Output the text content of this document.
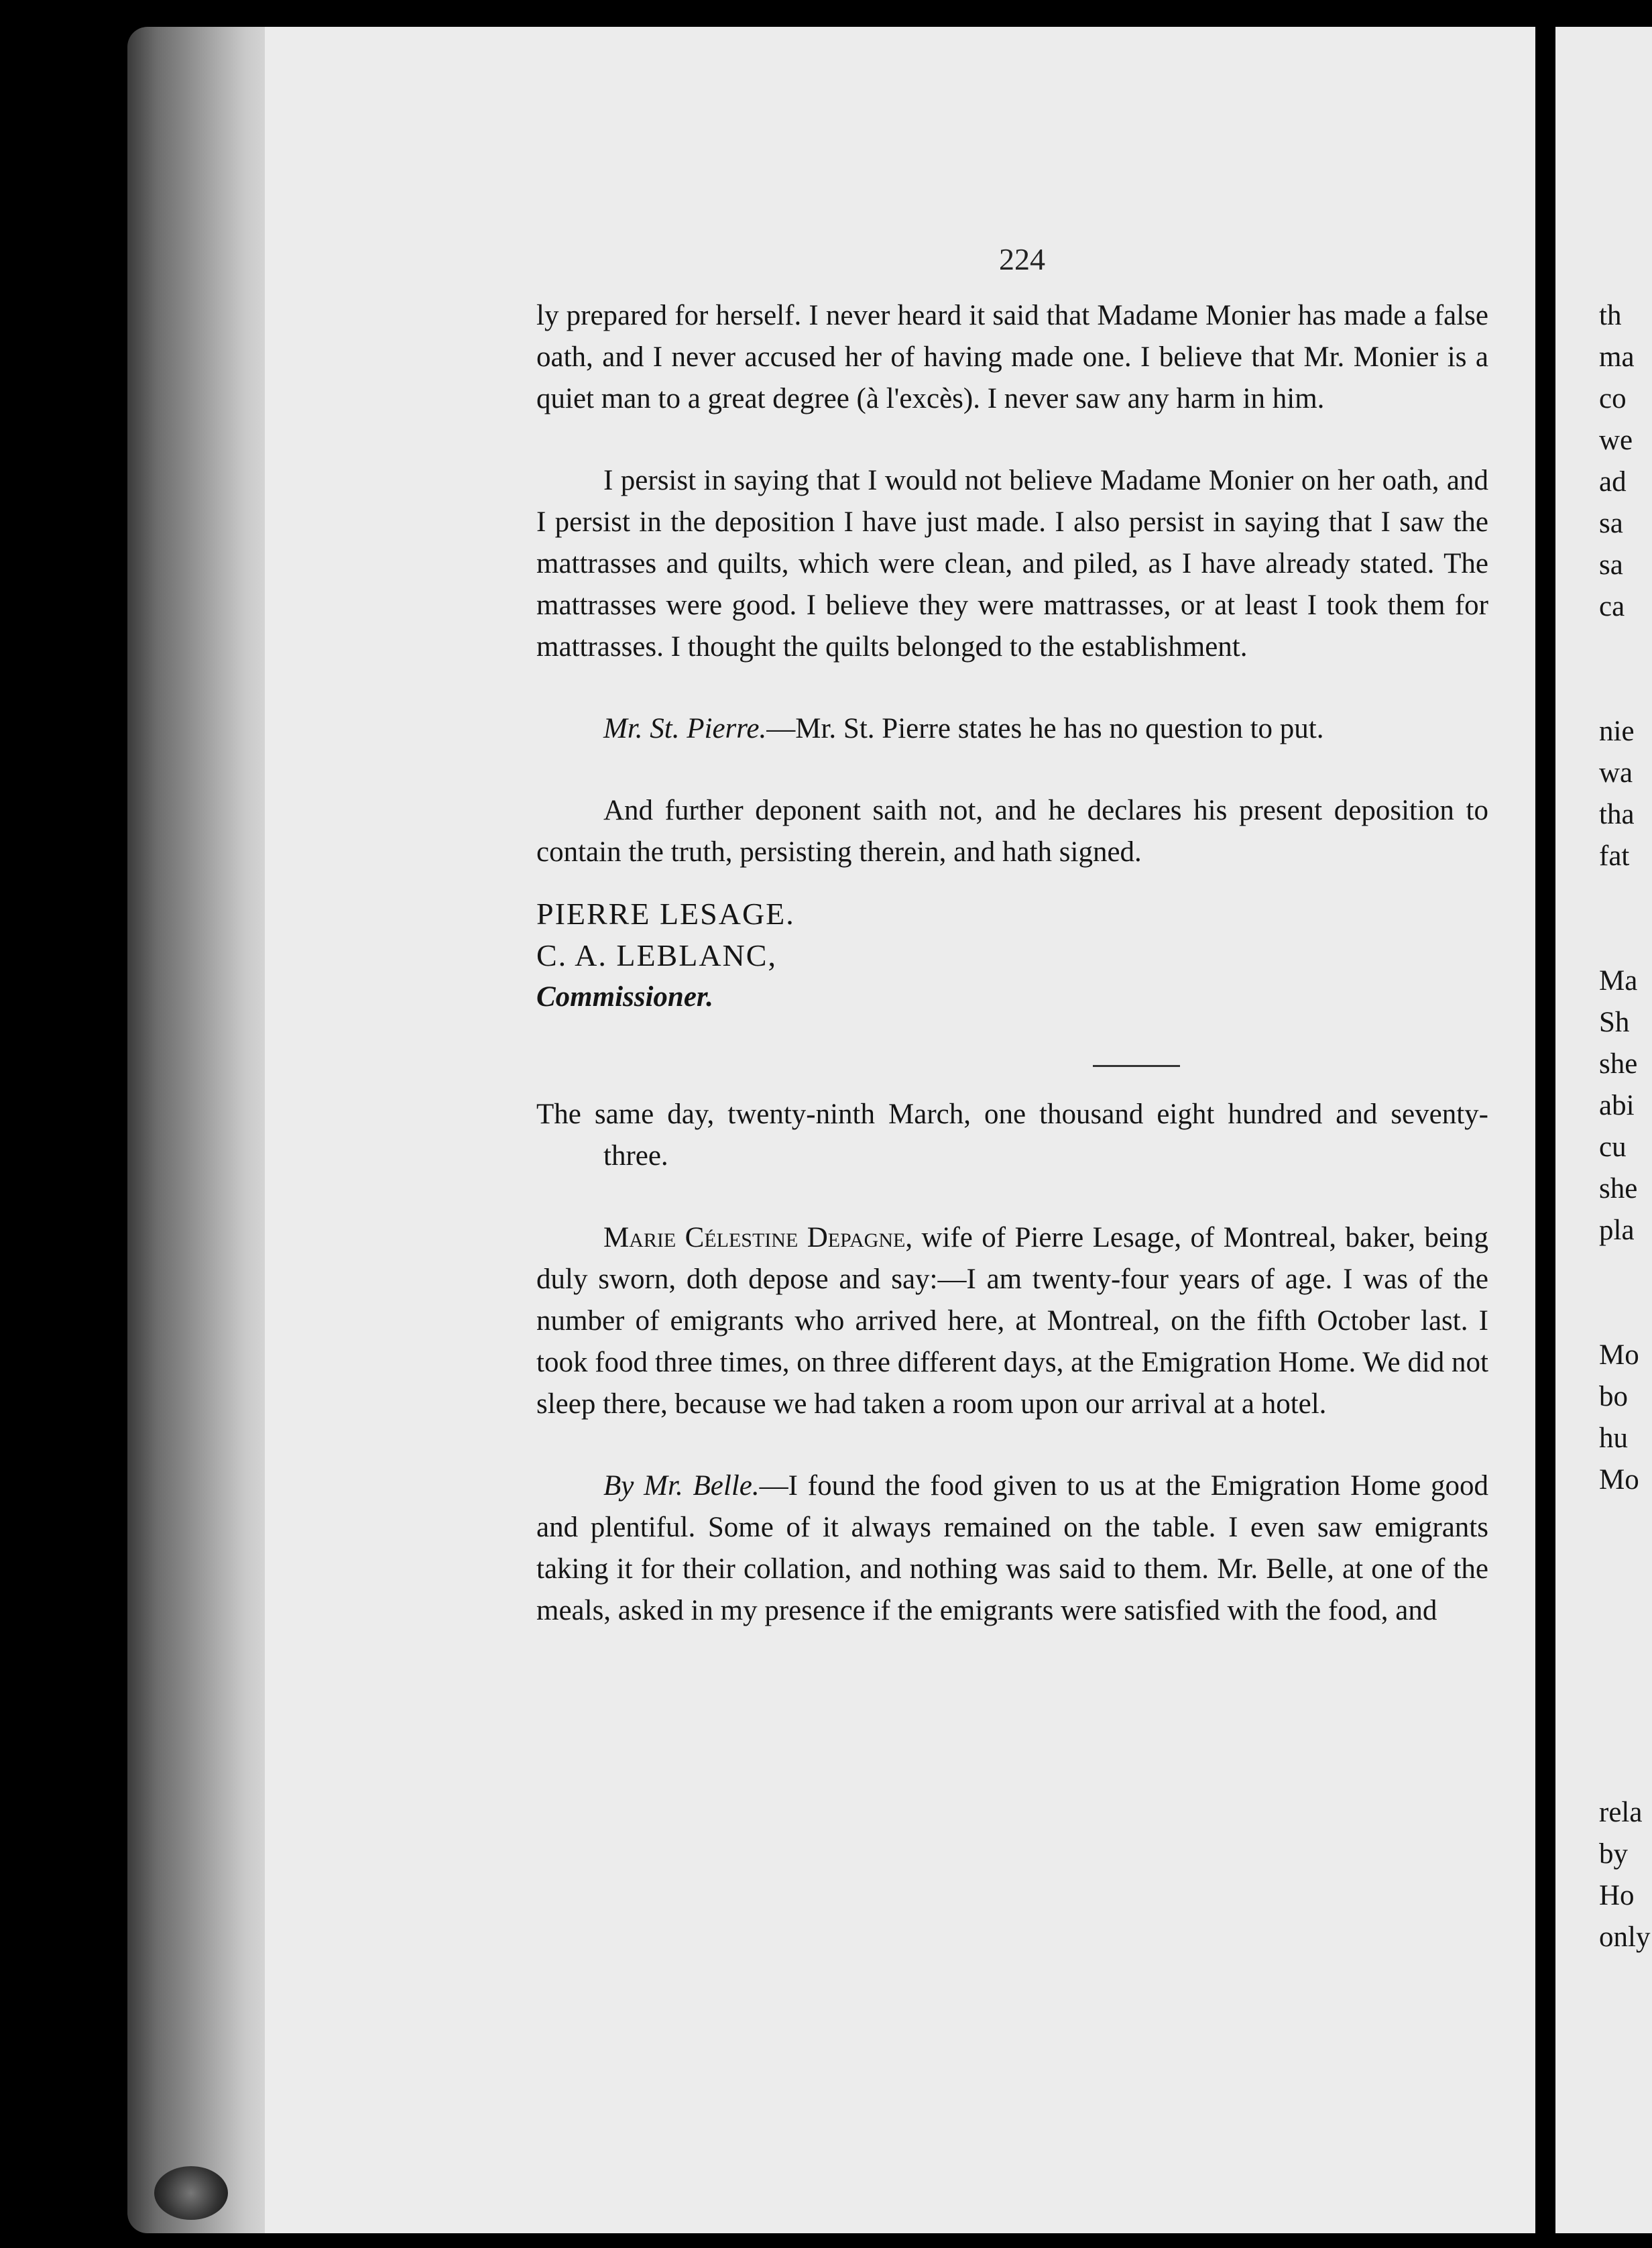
224

ly prepared for herself. I never heard it said that Madame Monier has made a false oath, and I never accused her of having made one. I believe that Mr. Monier is a quiet man to a great degree (à l'excès). I never saw any harm in him.

I persist in saying that I would not believe Madame Monier on her oath, and I persist in the deposition I have just made. I also persist in saying that I saw the mattrasses and quilts, which were clean, and piled, as I have already stated. The mattrasses were good. I believe they were mattrasses, or at least I took them for mattrasses. I thought the quilts belonged to the establishment.

Mr. St. Pierre.—Mr. St. Pierre states he has no question to put.

And further deponent saith not, and he declares his present deposition to contain the truth, persisting therein, and hath signed.

PIERRE LESAGE.

C. A. LEBLANC,

Commissioner.

The same day, twenty-ninth March, one thousand eight hundred and seventy-three.

Marie Célestine Depagne, wife of Pierre Lesage, of Montreal, baker, being duly sworn, doth depose and say:—I am twenty-four years of age. I was of the number of emigrants who arrived here, at Montreal, on the fifth October last. I took food three times, on three different days, at the Emigration Home. We did not sleep there, because we had taken a room upon our arrival at a hotel.

By Mr. Belle.—I found the food given to us at the Emigration Home good and plentiful. Some of it always remained on the table. I even saw emigrants taking it for their collation, and nothing was said to them. Mr. Belle, at one of the meals, asked in my presence if the emigrants were satisfied with the food, and

th
ma
co
we
ad
sa
sa
ca
nie
wa
tha
fat
Ma
Sh
she
abi
cu
she
pla
Mo
bo
hu
Mo
rela
by
Ho
only
